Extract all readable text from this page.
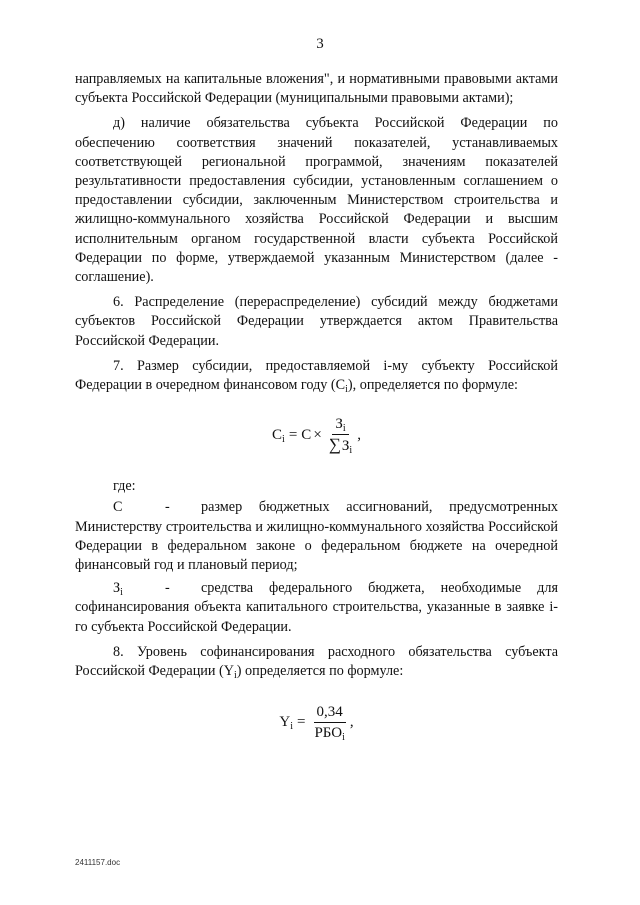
3

направляемых на капитальные вложения", и нормативными правовыми актами субъекта Российской Федерации (муниципальными правовыми актами);

д) наличие обязательства субъекта Российской Федерации по обеспечению соответствия значений показателей, устанавливаемых соответствующей региональной программой, значениям показателей результативности предоставления субсидии, установленным соглашением о предоставлении субсидии, заключенным Министерством строительства и жилищно-коммунального хозяйства Российской Федерации и высшим исполнительным органом государственной власти субъекта Российской Федерации по форме, утверждаемой указанным Министерством (далее - соглашение).

6. Распределение (перераспределение) субсидий между бюджетами субъектов Российской Федерации утверждается актом Правительства Российской Федерации.

7. Размер субсидии, предоставляемой i-му субъекту Российской Федерации в очередном финансовом году $(C_i)$, определяется по формуле:

$C_i = C \times \frac{З_i}{\sum З_i}$ ,

где:

C	-	размер бюджетных ассигнований, предусмотренных

Министерству строительства и жилищно-коммунального хозяйства Российской Федерации в федеральном законе о федеральном бюджете на очередной финансовый год и плановый период;

$З_i$	-	средства федерального бюджета, необходимые для

софинансирования объекта капитального строительства, указанные в заявке i-го субъекта Российской Федерации.

8. Уровень софинансирования расходного обязательства субъекта Российской Федерации $(Y_i)$ определяется по формуле:

$Y_i = \frac{0,34}{РБО_i}$ ,
2411157.doc
